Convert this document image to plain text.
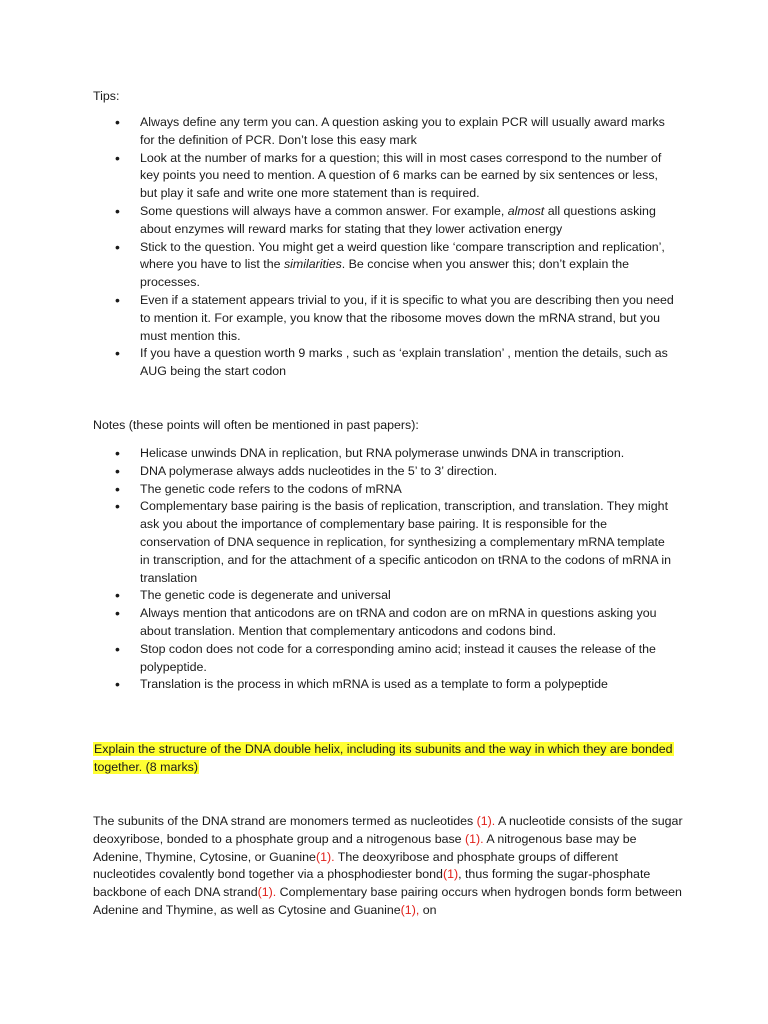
Tips:
• Always define any term you can. A question asking you to explain PCR will usually award marks for the definition of PCR. Don’t lose this easy mark
• Look at the number of marks for a question; this will in most cases correspond to the number of key points you need to mention. A question of 6 marks can be earned by six sentences or less, but play it safe and write one more statement than is required.
• Some questions will always have a common answer. For example, almost all questions asking about enzymes will reward marks for stating that they lower activation energy
• Stick to the question. You might get a weird question like ‘compare transcription and replication’, where you have to list the similarities. Be concise when you answer this; don’t explain the processes.
• Even if a statement appears trivial to you, if it is specific to what you are describing then you need to mention it. For example, you know that the ribosome moves down the mRNA strand, but you must mention this.
• If you have a question worth 9 marks , such as ‘explain translation’ , mention the details, such as AUG being the start codon
Notes (these points will often be mentioned in past papers):
• Helicase unwinds DNA in replication, but RNA polymerase unwinds DNA in transcription.
• DNA polymerase always adds nucleotides in the 5’ to 3’ direction.
• The genetic code refers to the codons of mRNA
• Complementary base pairing is the basis of replication, transcription, and translation. They might ask you about the importance of complementary base pairing. It is responsible for the conservation of DNA sequence in replication, for synthesizing a complementary mRNA template in transcription, and for the attachment of a specific anticodon on tRNA to the codons of mRNA in translation
• The genetic code is degenerate and universal
• Always mention that anticodons are on tRNA and codon are on mRNA in questions asking you about translation. Mention that complementary anticodons and codons bind.
• Stop codon does not code for a corresponding amino acid; instead it causes the release of the polypeptide.
• Translation is the process in which mRNA is used as a template to form a polypeptide
Explain the structure of the DNA double helix, including its subunits and the way in which they are bonded together. (8 marks)
The subunits of the DNA strand are monomers termed as nucleotides (1). A nucleotide consists of the sugar deoxyribose, bonded to a phosphate group and a nitrogenous base (1). A nitrogenous base may be Adenine, Thymine, Cytosine, or Guanine(1). The deoxyribose and phosphate groups of different nucleotides covalently bond together via a phosphodiester bond(1), thus forming the sugar-phosphate backbone of each DNA strand(1). Complementary base pairing occurs when hydrogen bonds form between Adenine and Thymine, as well as Cytosine and Guanine(1), on
